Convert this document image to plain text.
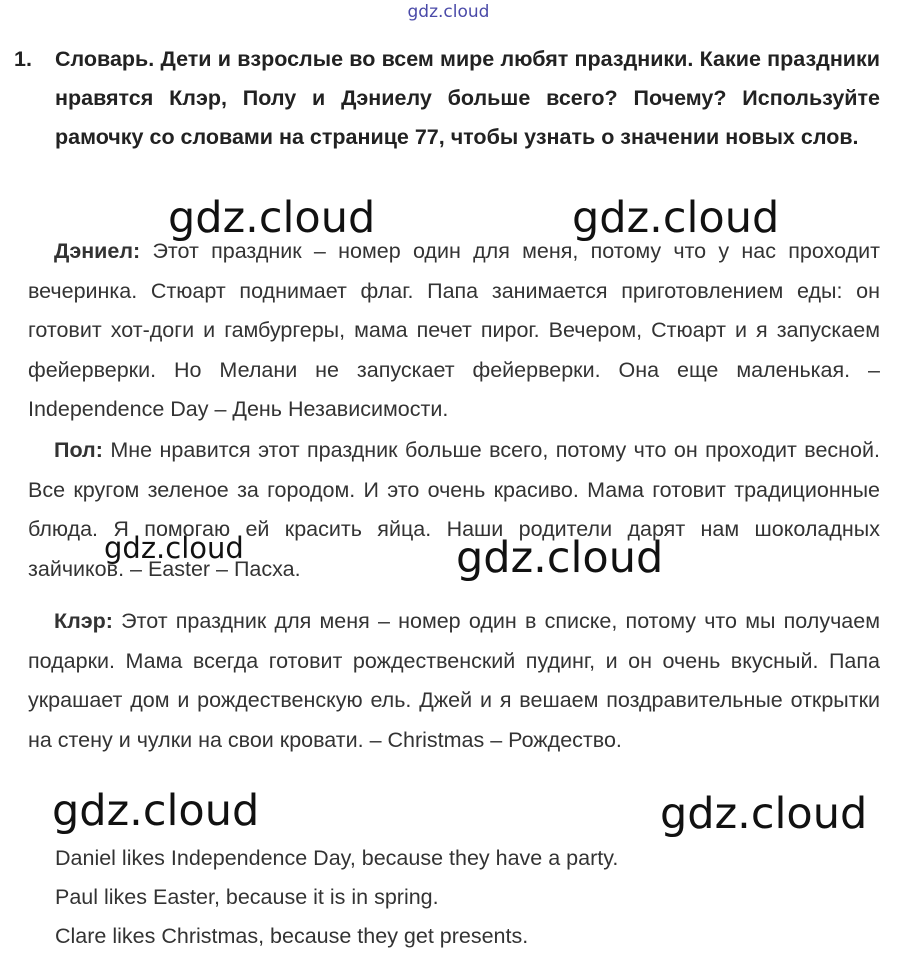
gdz.cloud
1. Словарь. Дети и взрослые во всем мире любят праздники. Какие праздники нравятся Клэр, Полу и Дэниелу больше всего? Почему? Используйте рамочку со словами на странице 77, чтобы узнать о значении новых слов.
Дэниел: Этот праздник – номер один для меня, потому что у нас проходит вечеринка. Стюарт поднимает флаг. Папа занимается приготовлением еды: он готовит хот-доги и гамбургеры, мама печет пирог. Вечером, Стюарт и я запускаем фейерверки. Но Мелани не запускает фейерверки. Она еще маленькая. – Independence Day – День Независимости.
Пол: Мне нравится этот праздник больше всего, потому что он проходит весной. Все кругом зеленое за городом. И это очень красиво. Мама готовит традиционные блюда. Я помогаю ей красить яйца. Наши родители дарят нам шоколадных зайчиков. – Easter – Пасха.
Клэр: Этот праздник для меня – номер один в списке, потому что мы получаем подарки. Мама всегда готовит рождественский пудинг, и он очень вкусный. Папа украшает дом и рождественскую ель. Джей и я вешаем поздравительные открытки на стену и чулки на свои кровати. – Christmas – Рождество.
Daniel likes Independence Day, because they have a party.
Paul likes Easter, because it is in spring.
Clare likes Christmas, because they get presents.
gdz.cloud	gdz.cloud
gdz.cloud	gdz.cloud
gdz.cloud	gdz.cloud
